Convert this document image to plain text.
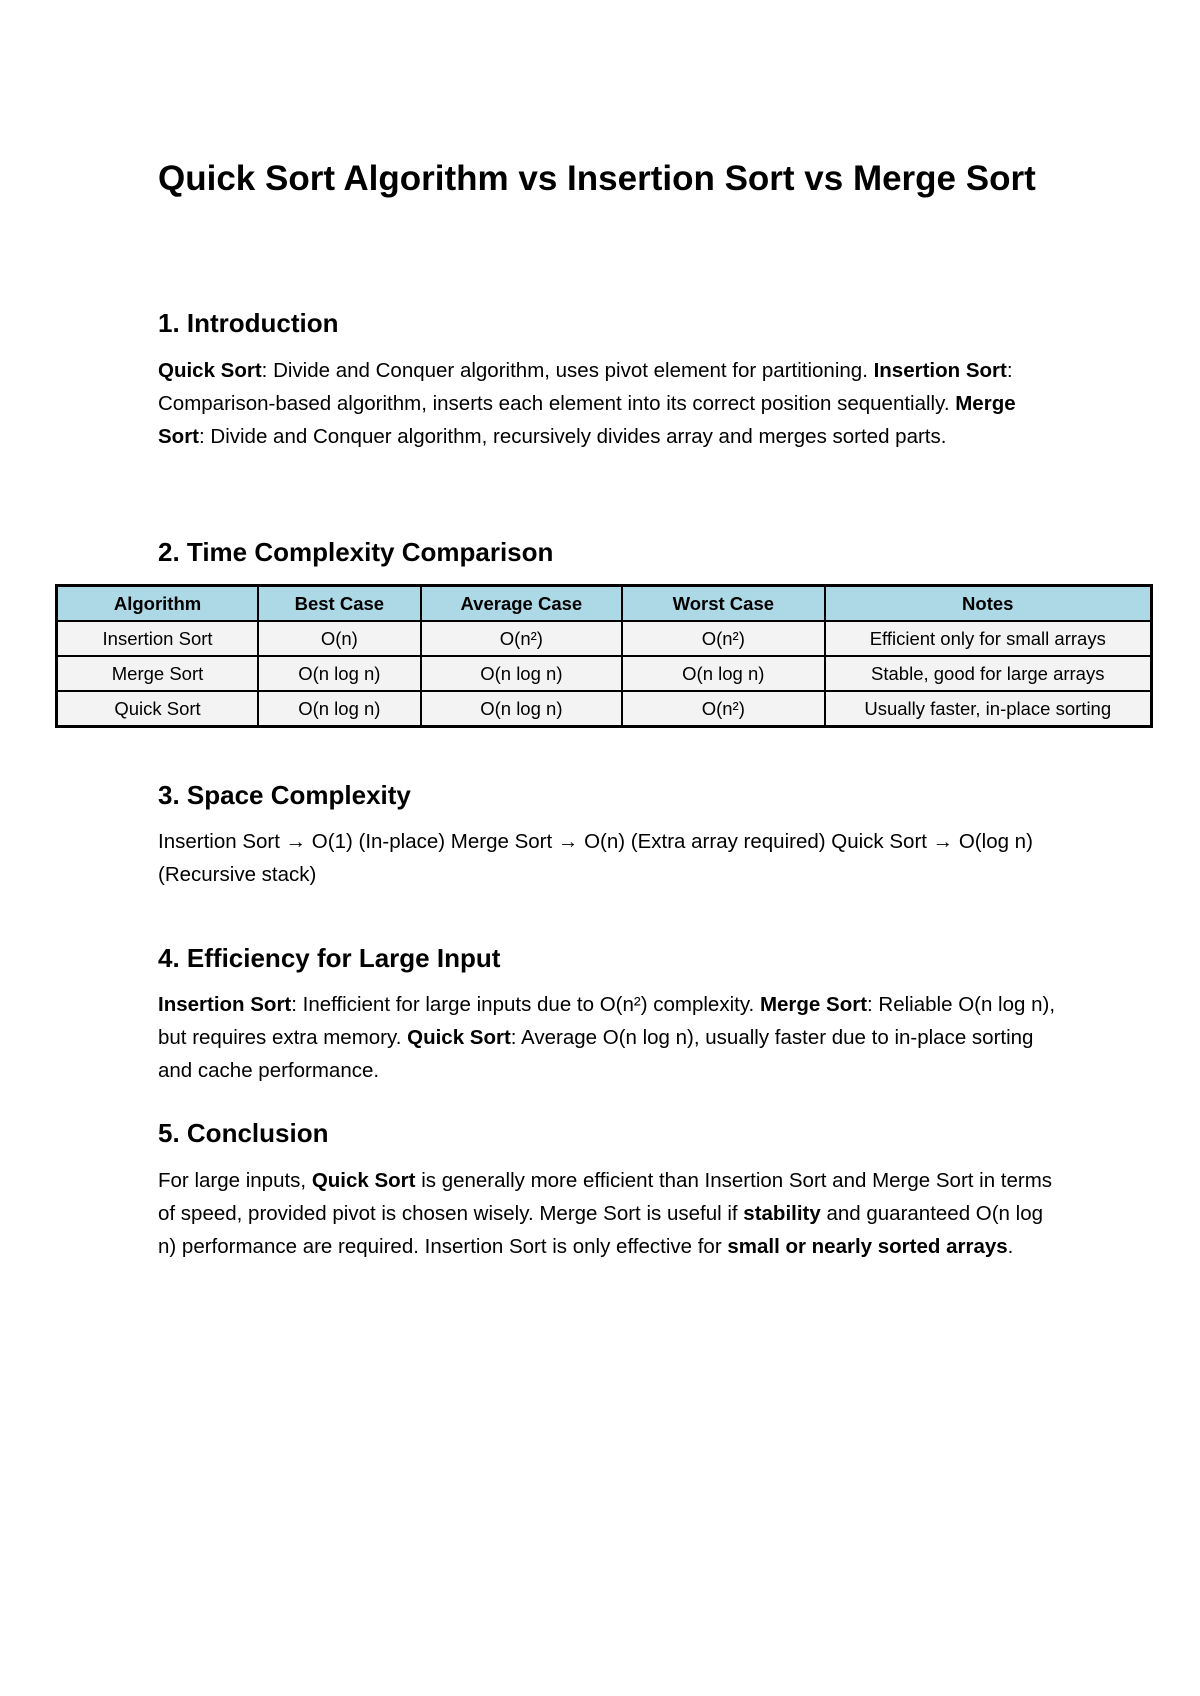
Quick Sort Algorithm vs Insertion Sort vs Merge Sort
1. Introduction

Quick Sort: Divide and Conquer algorithm, uses pivot element for partitioning. Insertion Sort: Comparison-based algorithm, inserts each element into its correct position sequentially. Merge Sort: Divide and Conquer algorithm, recursively divides array and merges sorted parts.

2. Time Complexity Comparison
3. Space Complexity

Insertion Sort → O(1) (In-place) Merge Sort → O(n) (Extra array required) Quick Sort → O(log n) (Recursive stack)

4. Efficiency for Large Input

Insertion Sort: Inefficient for large inputs due to O(n²) complexity. Merge Sort: Reliable O(n log n), but requires extra memory. Quick Sort: Average O(n log n), usually faster due to in-place sorting and cache performance.

5. Conclusion

For large inputs, Quick Sort is generally more efficient than Insertion Sort and Merge Sort in terms of speed, provided pivot is chosen wisely. Merge Sort is useful if stability and guaranteed O(n log n) performance are required. Insertion Sort is only effective for small or nearly sorted arrays.

Algorithm	Best Case	Average Case	Worst Case	Notes
Insertion Sort	O(n)	O(n²)	O(n²)	Efficient only for small arrays
Merge Sort	O(n log n)	O(n log n)	O(n log n)	Stable, good for large arrays
Quick Sort	O(n log n)	O(n log n)	O(n²)	Usually faster, in-place sorting
